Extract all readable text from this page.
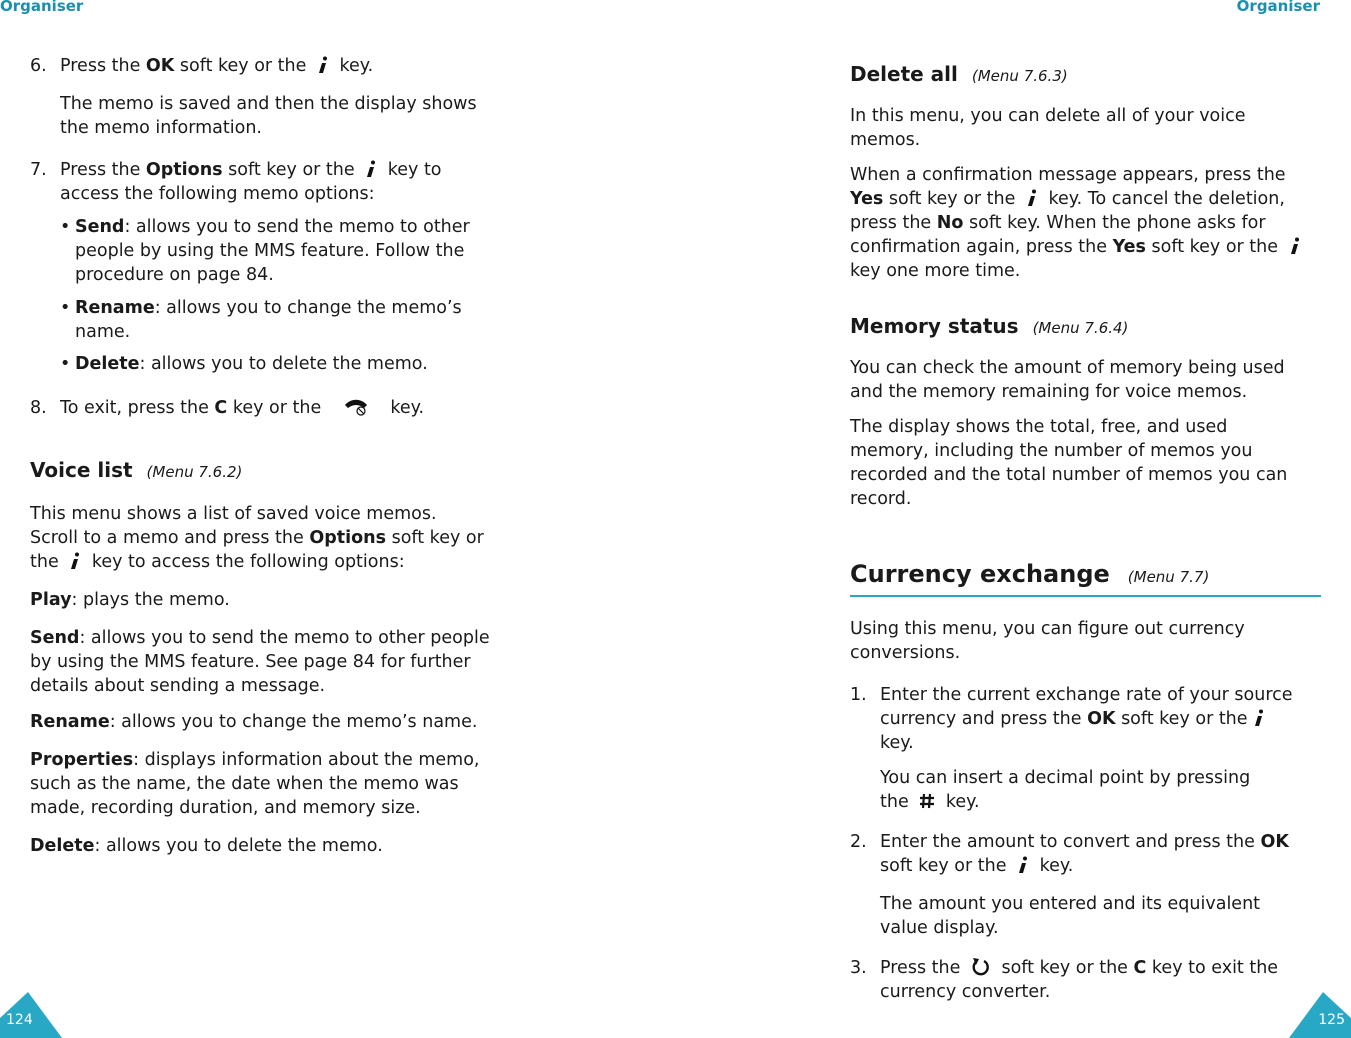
Organiser
6. Press the OK soft key or the  key.

The memo is saved and then the display shows

the memo information.

7. Press the Options soft key or the  key to
access the following memo options:
• Send: allows you to send the memo to other
people by using the MMS feature. Follow the
procedure on page 84.
• Rename: allows you to change the memo’s
name.
• Delete: allows you to delete the memo.
8. To exit, press the C key or the	key.
Voice list (Menu 7.6.2)

This menu shows a list of saved voice memos.

Scroll to a memo and press the Options soft key or

the  key to access the following options:

Play: plays the memo.

Send: allows you to send the memo to other people

by using the MMS feature. See page 84 for further

details about sending a message.

Rename: allows you to change the memo’s name.

Properties: displays information about the memo,

such as the name, the date when the memo was

made, recording duration, and memory size.

Delete: allows you to delete the memo.

124
Organiser
Delete all (Menu 7.6.3)

In this menu, you can delete all of your voice

memos.

When a confirmation message appears, press the

Yes soft key or the  key. To cancel the deletion,

press the No soft key. When the phone asks for

confirmation again, press the Yes soft key or the

key one more time.

Memory status (Menu 7.6.4)

You can check the amount of memory being used

and the memory remaining for voice memos.

The display shows the total, free, and used

memory, including the number of memos you

recorded and the total number of memos you can

record.

Currency exchange (Menu 7.7)

Using this menu, you can figure out currency

conversions.

1. Enter the current exchange rate of your source
currency and press the OK soft key or the
key.

You can insert a decimal point by pressing

the  key.

2. Enter the amount to convert and press the OK
soft key or the  key.

The amount you entered and its equivalent

value display.

3. Press the  soft key or the C key to exit the
currency converter.
125
